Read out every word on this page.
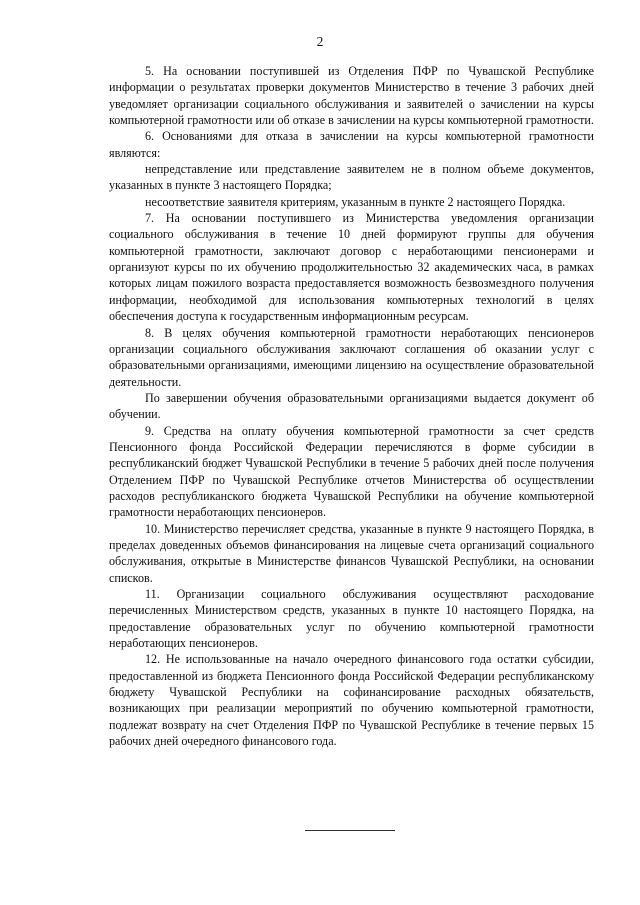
2

5. На основании поступившей из Отделения ПФР по Чувашской Республике информации о результатах проверки документов Министерство в течение 3 рабочих дней уведомляет организации социального обслуживания и заявителей о зачислении на курсы компьютерной грамотности или об отказе в зачислении на курсы компьютерной грамотности.

6. Основаниями для отказа в зачислении на курсы компьютерной грамотности являются:

непредставление или представление заявителем не в полном объеме документов, указанных в пункте 3 настоящего Порядка;

несоответствие заявителя критериям, указанным в пункте 2 настоящего Порядка.

7. На основании поступившего из Министерства уведомления организации социального обслуживания в течение 10 дней формируют группы для обучения компьютерной грамотности, заключают договор с неработающими пенсионерами и организуют курсы по их обучению продолжительностью 32 академических часа, в рамках которых лицам пожилого возраста предоставляется возможность безвозмездного получения информации, необходимой для использования компьютерных технологий в целях обеспечения доступа к государственным информационным ресурсам.

8. В целях обучения компьютерной грамотности неработающих пенсионеров организации социального обслуживания заключают соглашения об оказании услуг с образовательными организациями, имеющими лицензию на осуществление образовательной деятельности.

По завершении обучения образовательными организациями выдается документ об обучении.

9. Средства на оплату обучения компьютерной грамотности за счет средств Пенсионного фонда Российской Федерации перечисляются в форме субсидии в республиканский бюджет Чувашской Республики в течение 5 рабочих дней после получения Отделением ПФР по Чувашской Республике отчетов Министерства об осуществлении расходов республиканского бюджета Чувашской Республики на обучение компьютерной грамотности неработающих пенсионеров.

10. Министерство перечисляет средства, указанные в пункте 9 настоящего Порядка, в пределах доведенных объемов финансирования на лицевые счета организаций социального обслуживания, открытые в Министерстве финансов Чувашской Республики, на основании списков.

11. Организации социального обслуживания осуществляют расходование перечисленных Министерством средств, указанных в пункте 10 настоящего Порядка, на предоставление образовательных услуг по обучению компьютерной грамотности неработающих пенсионеров.

12. Не использованные на начало очередного финансового года остатки субсидии, предоставленной из бюджета Пенсионного фонда Российской Федерации республиканскому бюджету Чувашской Республики на софинансирование расходных обязательств, возникающих при реализации мероприятий по обучению компьютерной грамотности, подлежат возврату на счет Отделения ПФР по Чувашской Республике в течение первых 15 рабочих дней очередного финансового года.
